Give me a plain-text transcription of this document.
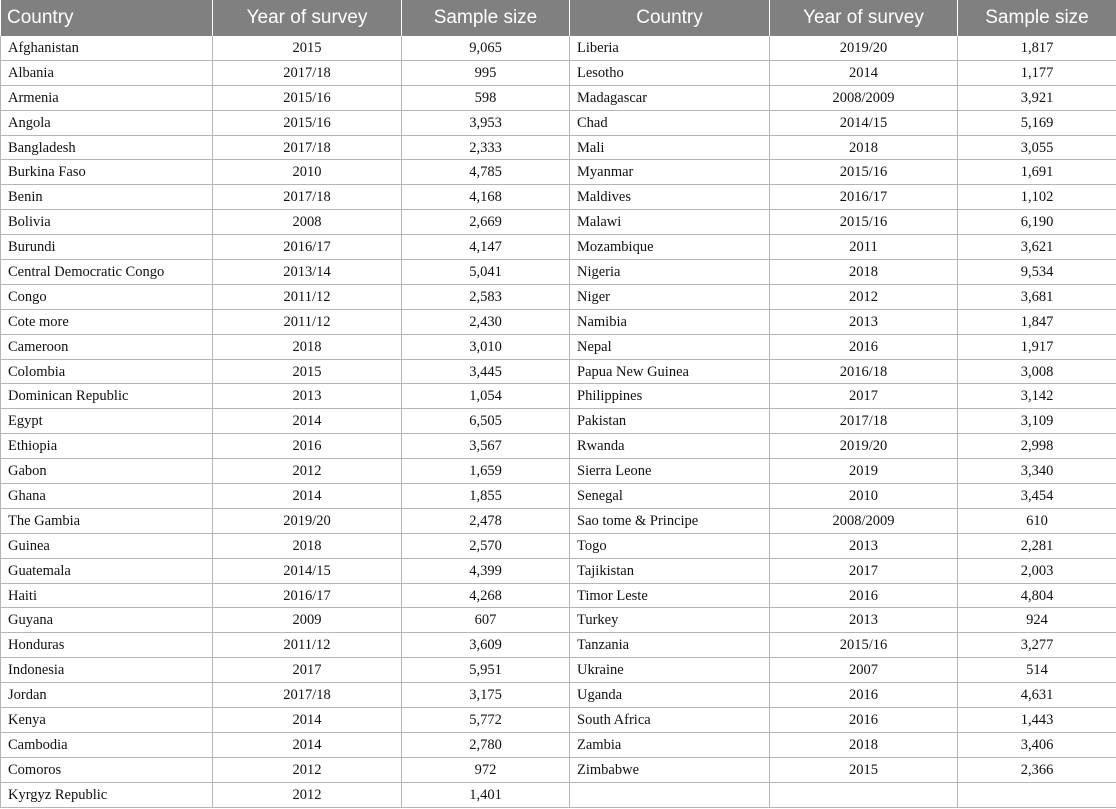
Country	Year of survey	Sample size	Country	Year of survey	Sample size
Afghanistan	2015	9,065	Liberia	2019/20	1,817
Albania	2017/18	995	Lesotho	2014	1,177
Armenia	2015/16	598	Madagascar	2008/2009	3,921
Angola	2015/16	3,953	Chad	2014/15	5,169
Bangladesh	2017/18	2,333	Mali	2018	3,055
Burkina Faso	2010	4,785	Myanmar	2015/16	1,691
Benin	2017/18	4,168	Maldives	2016/17	1,102
Bolivia	2008	2,669	Malawi	2015/16	6,190
Burundi	2016/17	4,147	Mozambique	2011	3,621
Central Democratic Congo	2013/14	5,041	Nigeria	2018	9,534
Congo	2011/12	2,583	Niger	2012	3,681
Cote more	2011/12	2,430	Namibia	2013	1,847
Cameroon	2018	3,010	Nepal	2016	1,917
Colombia	2015	3,445	Papua New Guinea	2016/18	3,008
Dominican Republic	2013	1,054	Philippines	2017	3,142
Egypt	2014	6,505	Pakistan	2017/18	3,109
Ethiopia	2016	3,567	Rwanda	2019/20	2,998
Gabon	2012	1,659	Sierra Leone	2019	3,340
Ghana	2014	1,855	Senegal	2010	3,454
The Gambia	2019/20	2,478	Sao tome & Principe	2008/2009	610
Guinea	2018	2,570	Togo	2013	2,281
Guatemala	2014/15	4,399	Tajikistan	2017	2,003
Haiti	2016/17	4,268	Timor Leste	2016	4,804
Guyana	2009	607	Turkey	2013	924
Honduras	2011/12	3,609	Tanzania	2015/16	3,277
Indonesia	2017	5,951	Ukraine	2007	514
Jordan	2017/18	3,175	Uganda	2016	4,631
Kenya	2014	5,772	South Africa	2016	1,443
Cambodia	2014	2,780	Zambia	2018	3,406
Comoros	2012	972	Zimbabwe	2015	2,366
Kyrgyz Republic	2012	1,401			
